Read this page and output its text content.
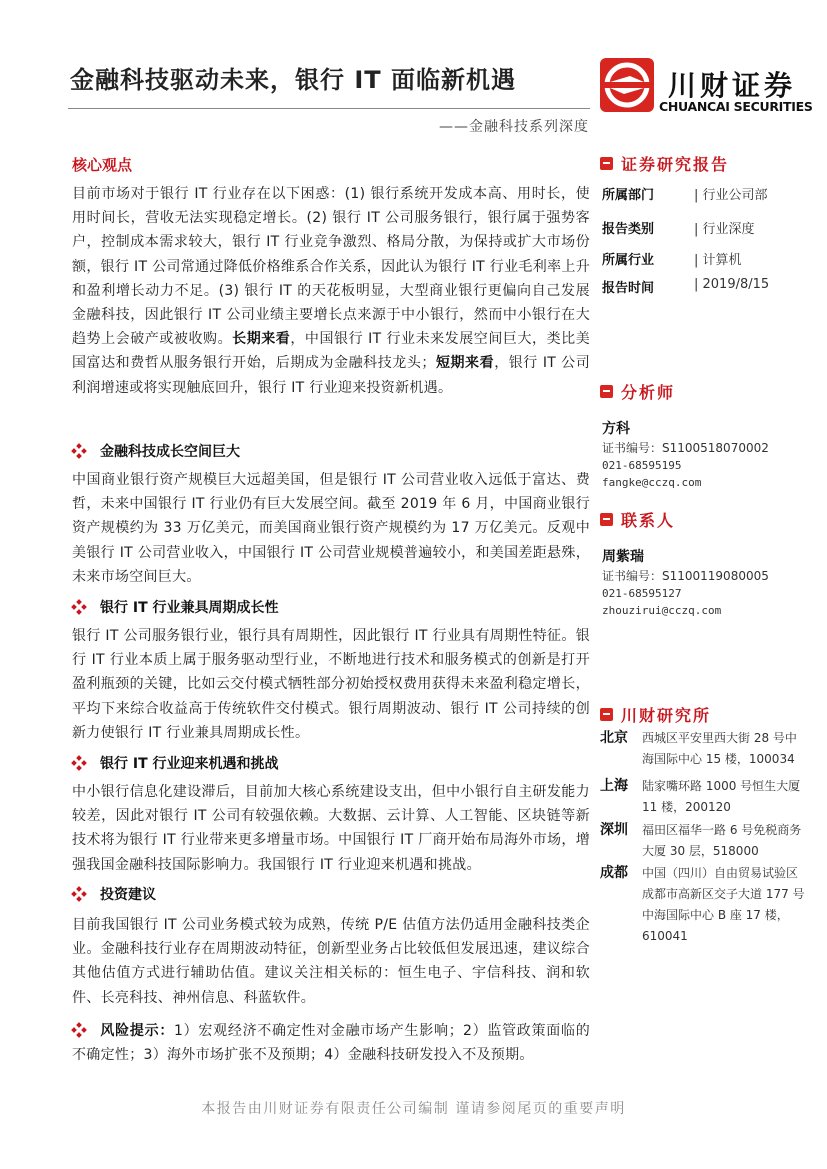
金融科技驱动未来，银行 IT 面临新机遇
——金融科技系列深度
川财证券
CHUANCAI SECURITIES
核心观点
目前市场对于银行 IT 行业存在以下困惑：(1) 银行系统开发成本高、用时长，使用时间长，营收无法实现稳定增长。(2) 银行 IT 公司服务银行，银行属于强势客户，控制成本需求较大，银行 IT 行业竞争激烈、格局分散，为保持或扩大市场份额，银行 IT 公司常通过降低价格维系合作关系，因此认为银行 IT 行业毛利率上升和盈利增长动力不足。(3) 银行 IT 的天花板明显，大型商业银行更偏向自己发展金融科技，因此银行 IT 公司业绩主要增长点来源于中小银行，然而中小银行在大趋势上会破产或被收购。长期来看，中国银行 IT 行业未来发展空间巨大，类比美国富达和费哲从服务银行开始，后期成为金融科技龙头；短期来看，银行 IT 公司利润增速或将实现触底回升，银行 IT 行业迎来投资新机遇。
金融科技成长空间巨大
中国商业银行资产规模巨大远超美国，但是银行 IT 公司营业收入远低于富达、费哲，未来中国银行 IT 行业仍有巨大发展空间。截至 2019 年 6 月，中国商业银行资产规模约为 33 万亿美元，而美国商业银行资产规模约为 17 万亿美元。反观中美银行 IT 公司营业收入，中国银行 IT 公司营业规模普遍较小，和美国差距悬殊，未来市场空间巨大。
银行 IT 行业兼具周期成长性
银行 IT 公司服务银行业，银行具有周期性，因此银行 IT 行业具有周期性特征。银行 IT 行业本质上属于服务驱动型行业，不断地进行技术和服务模式的创新是打开盈利瓶颈的关键，比如云交付模式牺牲部分初始授权费用获得未来盈利稳定增长，平均下来综合收益高于传统软件交付模式。银行周期波动、银行 IT 公司持续的创新力使银行 IT 行业兼具周期成长性。
银行 IT 行业迎来机遇和挑战
中小银行信息化建设滞后，目前加大核心系统建设支出，但中小银行自主研发能力较差，因此对银行 IT 公司有较强依赖。大数据、云计算、人工智能、区块链等新技术将为银行 IT 行业带来更多增量市场。中国银行 IT 厂商开始布局海外市场，增强我国金融科技国际影响力。我国银行 IT 行业迎来机遇和挑战。
投资建议
目前我国银行 IT 公司业务模式较为成熟，传统 P/E 估值方法仍适用金融科技类企业。金融科技行业存在周期波动特征，创新型业务占比较低但发展迅速，建议综合其他估值方式进行辅助估值。建议关注相关标的：恒生电子、宇信科技、润和软件、长亮科技、神州信息、科蓝软件。
风险提示：1）宏观经济不确定性对金融市场产生影响；2）监管政策面临的不确定性；3）海外市场扩张不及预期；4）金融科技研发投入不及预期。
证券研究报告
所属部门	| 行业公司部
报告类别	| 行业深度
所属行业	| 计算机
报告时间	| 2019/8/15
分析师
方科
证书编号：S1100518070002
021-68595195
fangke@cczq.com
联系人
周紫瑞
证书编号：S1100119080005
021-68595127
zhouzirui@cczq.com
川财研究所
北京	西城区平安里西大街 28 号中海国际中心 15 楼，100034
上海	陆家嘴环路 1000 号恒生大厦 11 楼，200120
深圳	福田区福华一路 6 号免税商务大厦 30 层，518000
成都	中国（四川）自由贸易试验区成都市高新区交子大道 177 号中海国际中心 B 座 17 楼，610041
本报告由川财证券有限责任公司编制 谨请参阅尾页的重要声明
